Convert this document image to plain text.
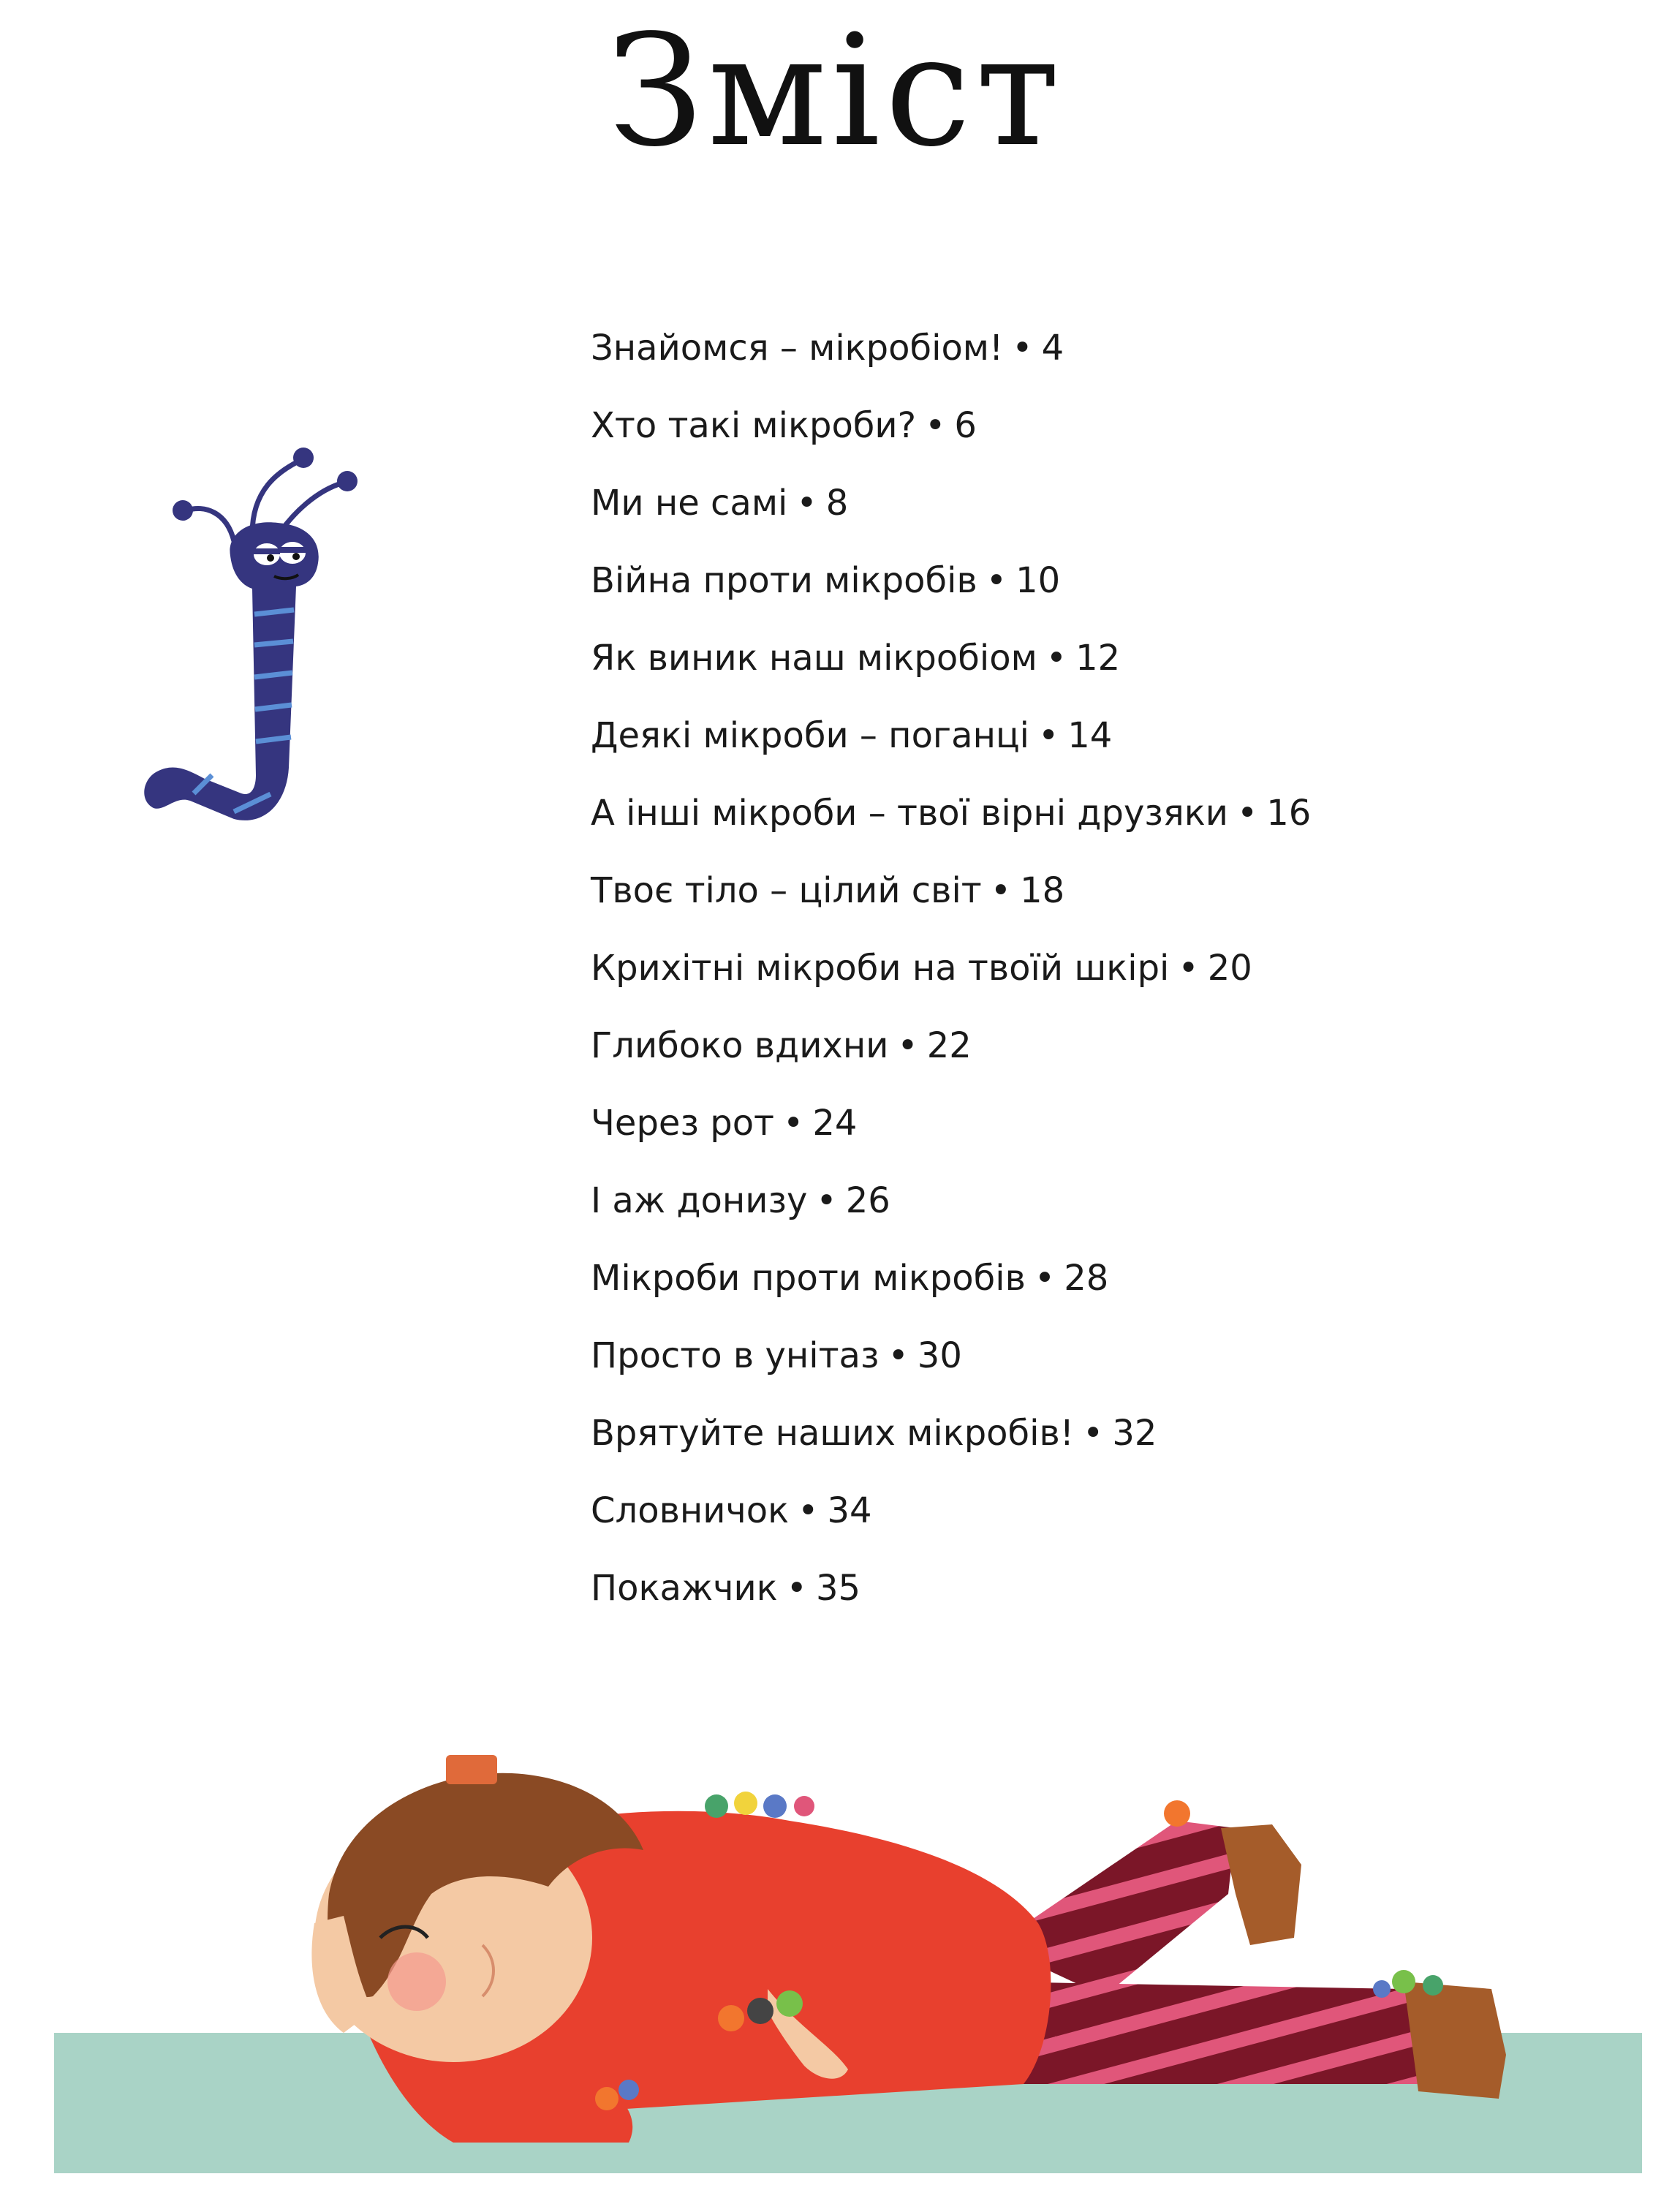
Зміст
Знайомся – мікробіом! • 4
Хто такі мікроби? • 6
Ми не самі • 8
Війна проти мікробів • 10
Як виник наш мікробіом • 12
Деякі мікроби – поганці • 14
А інші мікроби – твої вірні друзяки • 16
Твоє тіло – цілий світ • 18
Крихітні мікроби на твоїй шкірі • 20
Глибоко вдихни • 22
Через рот • 24
І аж донизу • 26
Мікроби проти мікробів • 28
Просто в унітаз • 30
Врятуйте наших мікробів! • 32
Словничок • 34
Покажчик • 35
